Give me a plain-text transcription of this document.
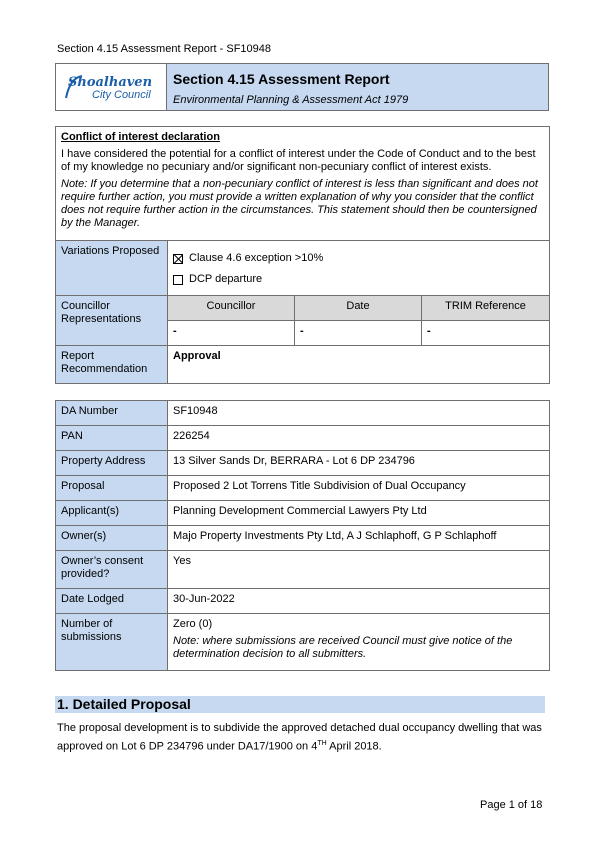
Section 4.15 Assessment Report - SF10948
Shoalhaven
City Council
Section 4.15 Assessment Report
Environmental Planning & Assessment Act 1979
Conflict of interest declaration
I have considered the potential for a conflict of interest under the Code of Conduct and to the best of my knowledge no pecuniary and/or significant non-pecuniary conflict of interest exists.
Note: If you determine that a non-pecuniary conflict of interest is less than significant and does not require further action, you must provide a written explanation of why you consider that the conflict does not require further action in the circumstances. This statement should then be countersigned by the Manager.			

Variations Proposed	Clause 4.6 exception >10%
DCP departure		

Councillor Representations	Councillor	Date	TRIM Reference
	-	-	-
Report Recommendation	Approval		
DA Number	SF10948
PAN	226254
Property Address	13 Silver Sands Dr, BERRARA - Lot 6 DP 234796
Proposal	Proposed 2 Lot Torrens Title Subdivision of Dual Occupancy
Applicant(s)	Planning Development Commercial Lawyers Pty Ltd
Owner(s)	Majo Property Investments Pty Ltd, A J Schlaphoff, G P Schlaphoff
Owner’s consent provided?	Yes
Date Lodged	30-Jun-2022
Number of submissions	Zero (0)
Note: where submissions are received Council must give notice of the determination decision to all submitters.
1. Detailed Proposal
The proposal development is to subdivide the approved detached dual occupancy dwelling that was approved on Lot 6 DP 234796 under DA17/1900 on 4TH April 2018.
Page 1 of 18
